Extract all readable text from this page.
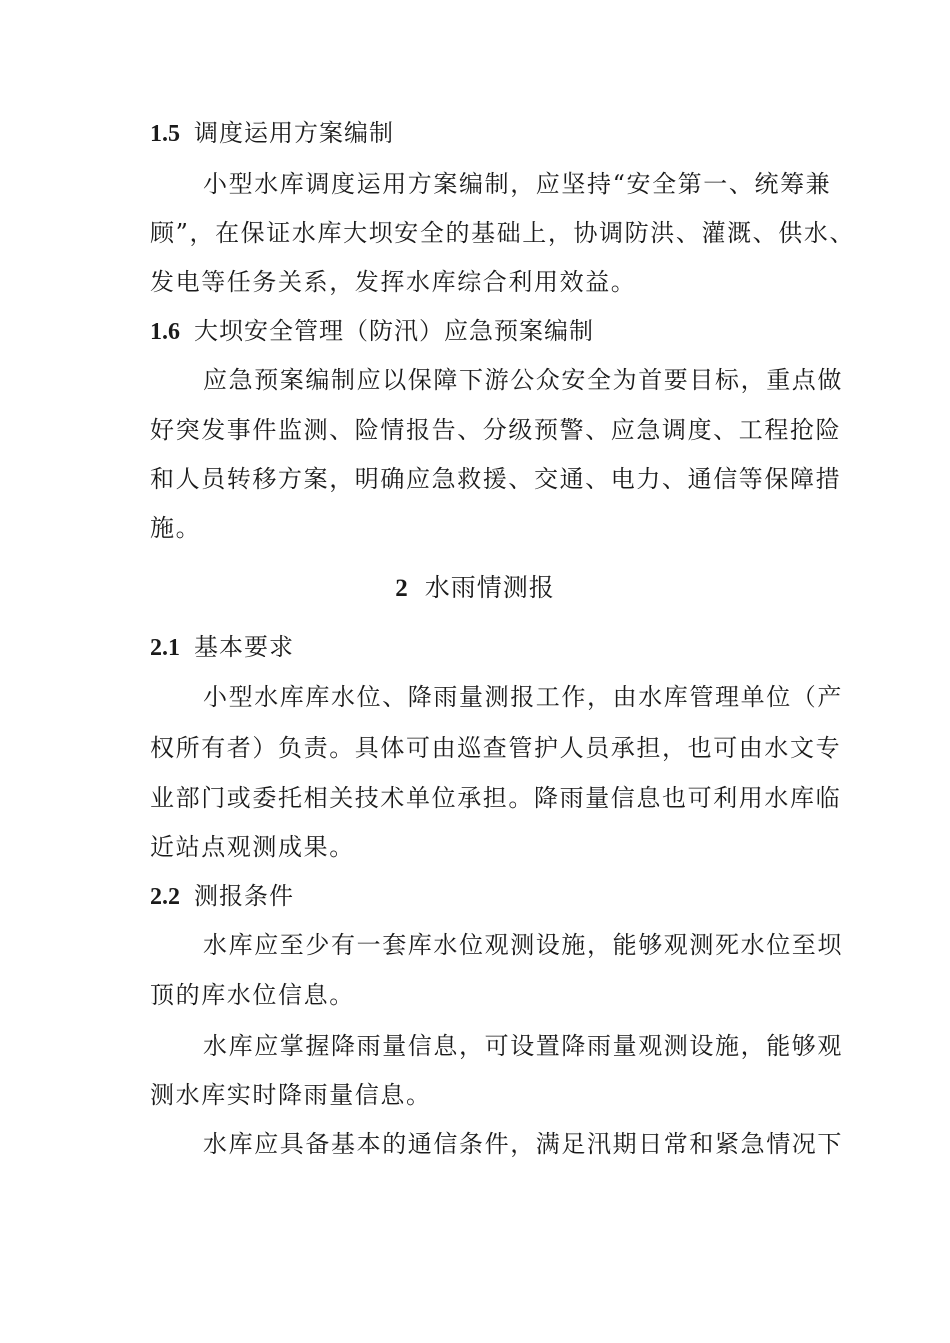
1.5 调度运用方案编制
小型水库调度运用方案编制，应坚持“安全第一、统筹兼
顾”，在保证水库大坝安全的基础上，协调防洪、灌溉、供水、
发电等任务关系，发挥水库综合利用效益。
1.6 大坝安全管理（防汛）应急预案编制
应急预案编制应以保障下游公众安全为首要目标，重点做
好突发事件监测、险情报告、分级预警、应急调度、工程抢险
和人员转移方案，明确应急救援、交通、电力、通信等保障措
施。
2 水雨情测报
2.1 基本要求
小型水库库水位、降雨量测报工作，由水库管理单位（产
权所有者）负责。具体可由巡查管护人员承担，也可由水文专
业部门或委托相关技术单位承担。降雨量信息也可利用水库临
近站点观测成果。
2.2 测报条件
水库应至少有一套库水位观测设施，能够观测死水位至坝
顶的库水位信息。
水库应掌握降雨量信息，可设置降雨量观测设施，能够观
测水库实时降雨量信息。
水库应具备基本的通信条件，满足汛期日常和紧急情况下
